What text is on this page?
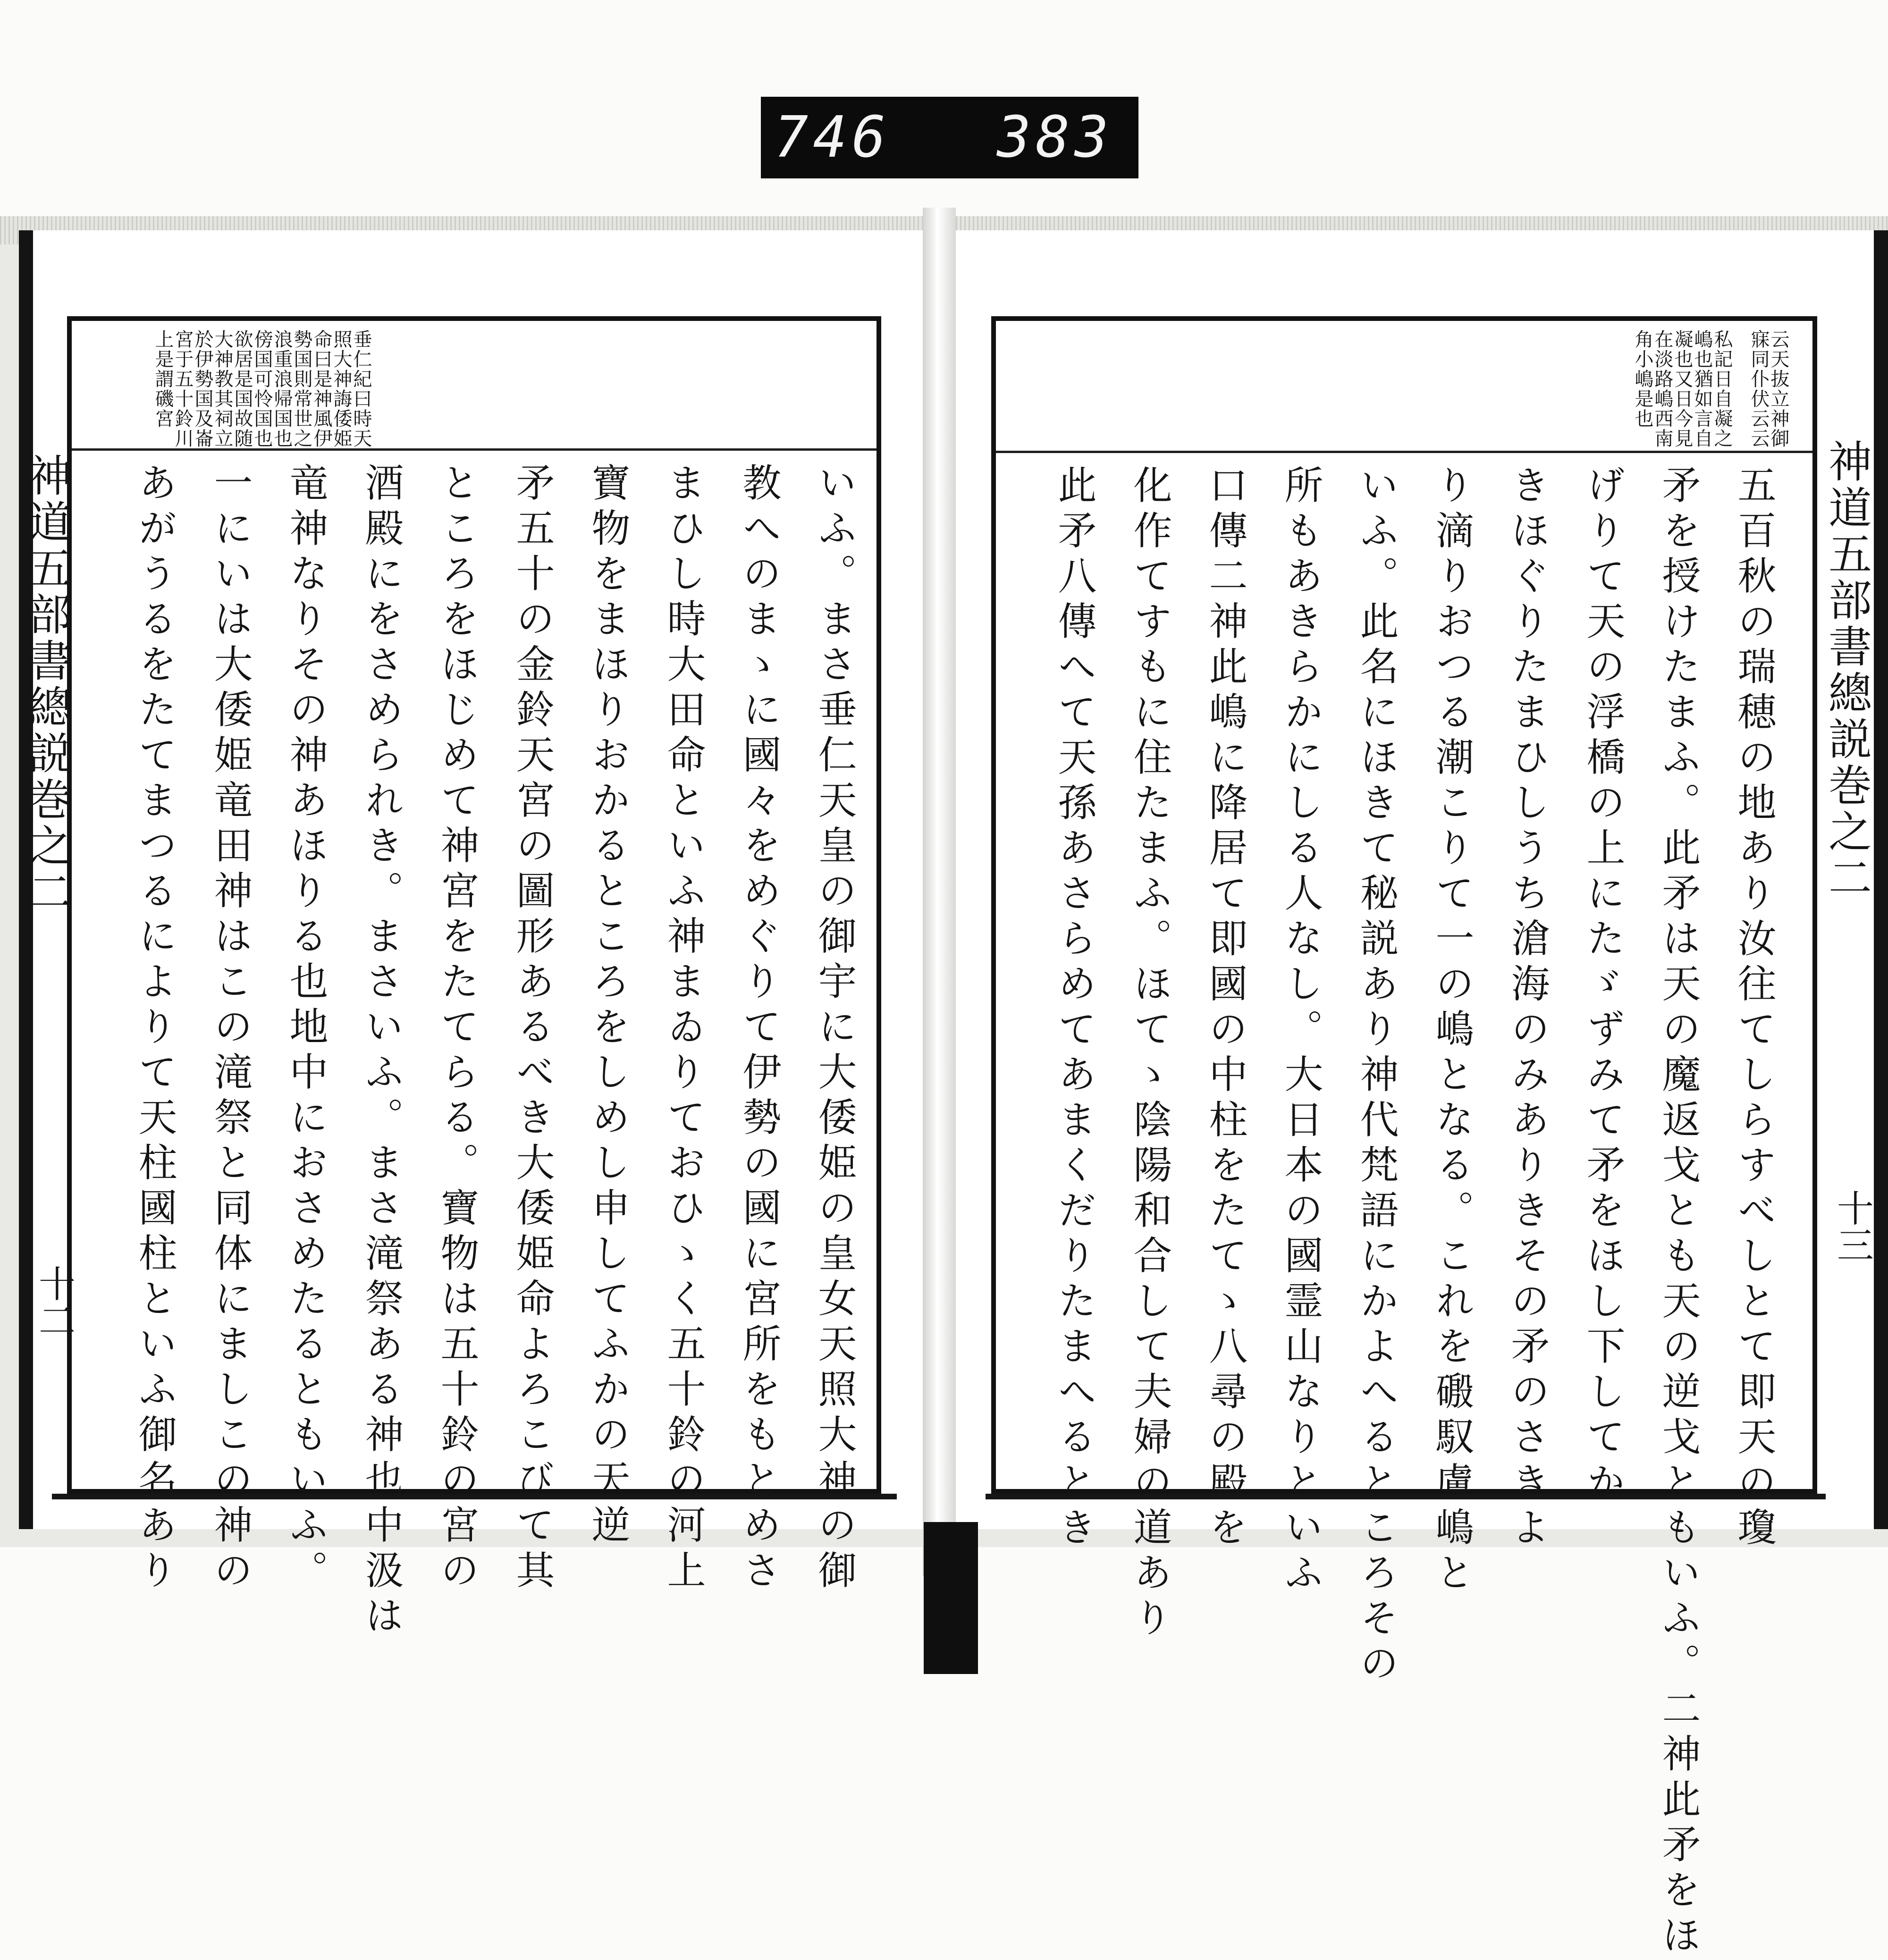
746 383
垂仁紀曰時天
照大神誨倭姫
命曰是神風伊
勢国則常世之
浪重浪帰国也
傍国可怜国也
欲居是国故随
大神教其祠立
於伊勢国及崙
宮于五十鈴川
上是謂磯宮
いふ。まさ垂仁天皇の御宇に大倭姫の皇女天照大神の御
教へのまゝに國々をめぐりて伊勢の國に宮所をもとめさ
まひし時大田命といふ神まゐりておひゝく五十鈴の河上
寶物をまほりおかるところをしめし申してふかの天逆
矛五十の金鈴天宮の圖形あるべき大倭姫命よろこびて其
ところをほじめて神宮をたてらる。寶物は五十鈴の宮の
酒殿にをさめられき。まさいふ。まさ滝祭ある神也中汲は
竜神なりその神あほりる也地中におさめたるともいふ。
一にいは大倭姫竜田神はこの滝祭と同体にましこの神の
あがうるをたてまつるによりて天柱國柱といふ御名あり
神道五部書總説巻之二
十二
云天抜立神御
寐同仆伏云云
私記日自凝之
嶋也猶如言自
凝也又日今見
在淡路嶋西南
角小嶋是也
五百秋の瑞穂の地あり汝往てしらすべしとて即天の瓊
矛を授けたまふ。此矛は天の魔返戈とも天の逆戈ともいふ。二神此矛をほ
げりて天の浮橋の上にたゞずみて矛をほし下してか
きほぐりたまひしうち滄海のみありきその矛のさきよ
り滴りおつる潮こりて一の嶋となる。これを磤馭盧嶋と
いふ。此名にほきて秘説あり神代梵語にかよへるところその
所もあきらかにしる人なし。大日本の國霊山なりといふ
口傳二神此嶋に降居て即國の中柱をたてゝ八尋の殿を
化作てすもに住たまふ。ほてゝ陰陽和合して夫婦の道あり
此矛八傳へて天孫あさらめてあまくだりたまへるとき	神道五部書總説巻之二
十三
